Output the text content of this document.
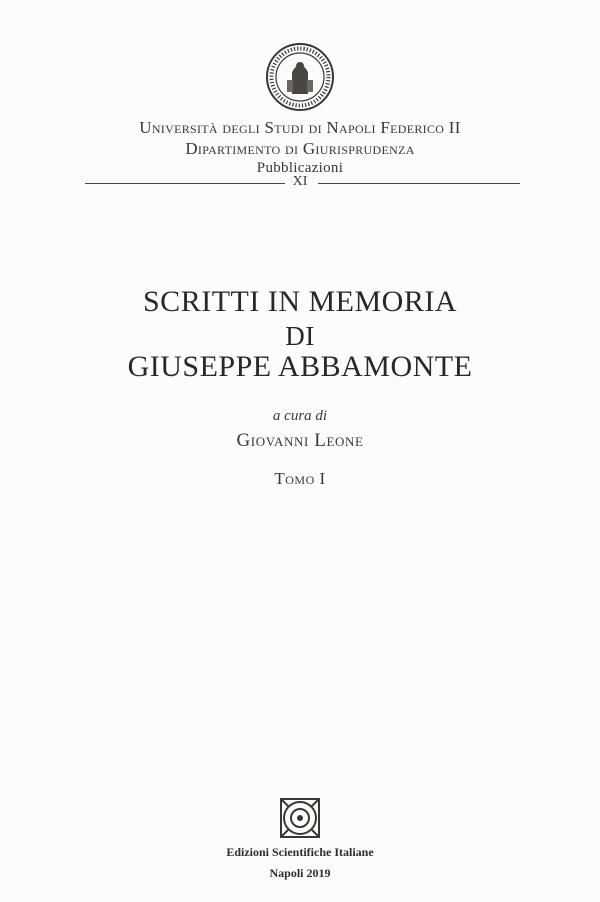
Università degli Studi di Napoli Federico II
Dipartimento di Giurisprudenza
Pubblicazioni
XI
SCRITTI IN MEMORIA
DI
GIUSEPPE ABBAMONTE
a cura di
Giovanni Leone
Tomo I
Edizioni Scientifiche Italiane
Napoli 2019
